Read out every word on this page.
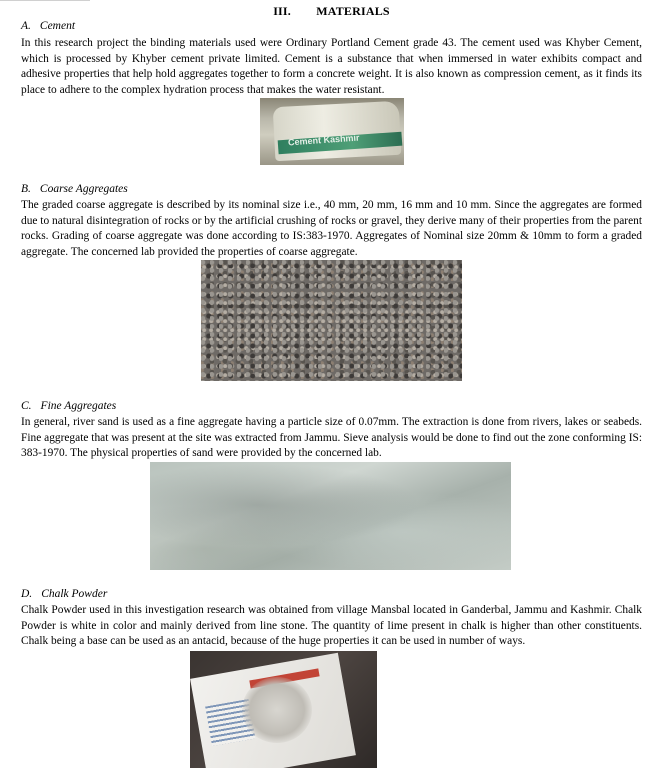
III. MATERIALS
A. Cement
In this research project the binding materials used were Ordinary Portland Cement grade 43. The cement used was Khyber Cement, which is processed by Khyber cement private limited. Cement is a substance that when immersed in water exhibits compact and adhesive properties that help hold aggregates together to form a concrete weight. It is also known as compression cement, as it finds its place to adhere to the complex hydration process that makes the water resistant.
Cement Kashmir
B. Coarse Aggregates
The graded coarse aggregate is described by its nominal size i.e., 40 mm, 20 mm, 16 mm and 10 mm. Since the aggregates are formed due to natural disintegration of rocks or by the artificial crushing of rocks or gravel, they derive many of their properties from the parent rocks. Grading of coarse aggregate was done according to IS:383-1970. Aggregates of Nominal size 20mm & 10mm to form a graded aggregate. The concerned lab provided the properties of coarse aggregate.
C. Fine Aggregates
In general, river sand is used as a fine aggregate having a particle size of 0.07mm. The extraction is done from rivers, lakes or seabeds. Fine aggregate that was present at the site was extracted from Jammu. Sieve analysis would be done to find out the zone conforming IS: 383-1970. The physical properties of sand were provided by the concerned lab.
D. Chalk Powder
Chalk Powder used in this investigation research was obtained from village Mansbal located in Ganderbal, Jammu and Kashmir. Chalk Powder is white in color and mainly derived from line stone. The quantity of lime present in chalk is higher than other constituents. Chalk being a base can be used as an antacid, because of the huge properties it can be used in number of ways.
